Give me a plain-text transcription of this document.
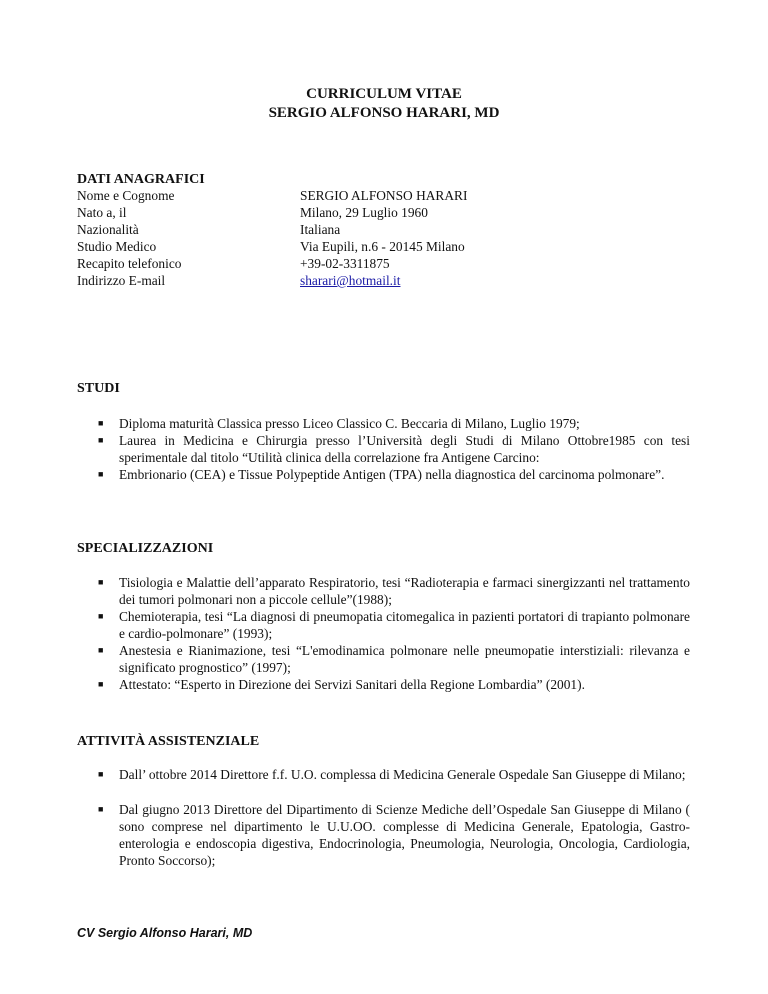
CURRICULUM VITAE
SERGIO ALFONSO HARARI, MD
DATI ANAGRAFICI
Nome e Cognome	SERGIO ALFONSO HARARI
Nato a, il	Milano, 29 Luglio 1960
Nazionalità	Italiana
Studio Medico	Via Eupili, n.6 - 20145 Milano
Recapito telefonico	+39-02-3311875
Indirizzo E-mail	sharari@hotmail.it
STUDI
■ Diploma maturità Classica presso Liceo Classico C. Beccaria di Milano, Luglio 1979;
■ Laurea in Medicina e Chirurgia presso l’Università degli Studi di Milano Ottobre1985 con tesi sperimentale dal titolo “Utilità clinica della correlazione fra Antigene Carcino:
■ Embrionario (CEA) e Tissue Polypeptide Antigen (TPA) nella diagnostica del carcinoma polmonare”.
SPECIALIZZAZIONI
■ Tisiologia e Malattie dell’apparato Respiratorio, tesi “Radioterapia e farmaci sinergizzanti nel trattamento dei tumori polmonari non a piccole cellule”(1988);
■ Chemioterapia, tesi “La diagnosi di pneumopatia citomegalica in pazienti portatori di trapianto polmonare e cardio-polmonare” (1993);
■ Anestesia e Rianimazione, tesi “L'emodinamica polmonare nelle pneumopatie interstiziali: rilevanza e significato prognostico” (1997);
■ Attestato: “Esperto in Direzione dei Servizi Sanitari della Regione Lombardia” (2001).
ATTIVITÀ ASSISTENZIALE
■ Dall’ ottobre 2014 Direttore f.f. U.O. complessa di Medicina Generale Ospedale San Giuseppe di Milano;
■ Dal giugno 2013 Direttore del Dipartimento di Scienze Mediche dell’Ospedale San Giuseppe di Milano ( sono comprese nel dipartimento le U.U.OO. complesse di Medicina Generale, Epatologia, Gastro-enterologia e endoscopia digestiva, Endocrinologia, Pneumologia, Neurologia, Oncologia, Cardiologia, Pronto Soccorso);
CV Sergio Alfonso Harari, MD
